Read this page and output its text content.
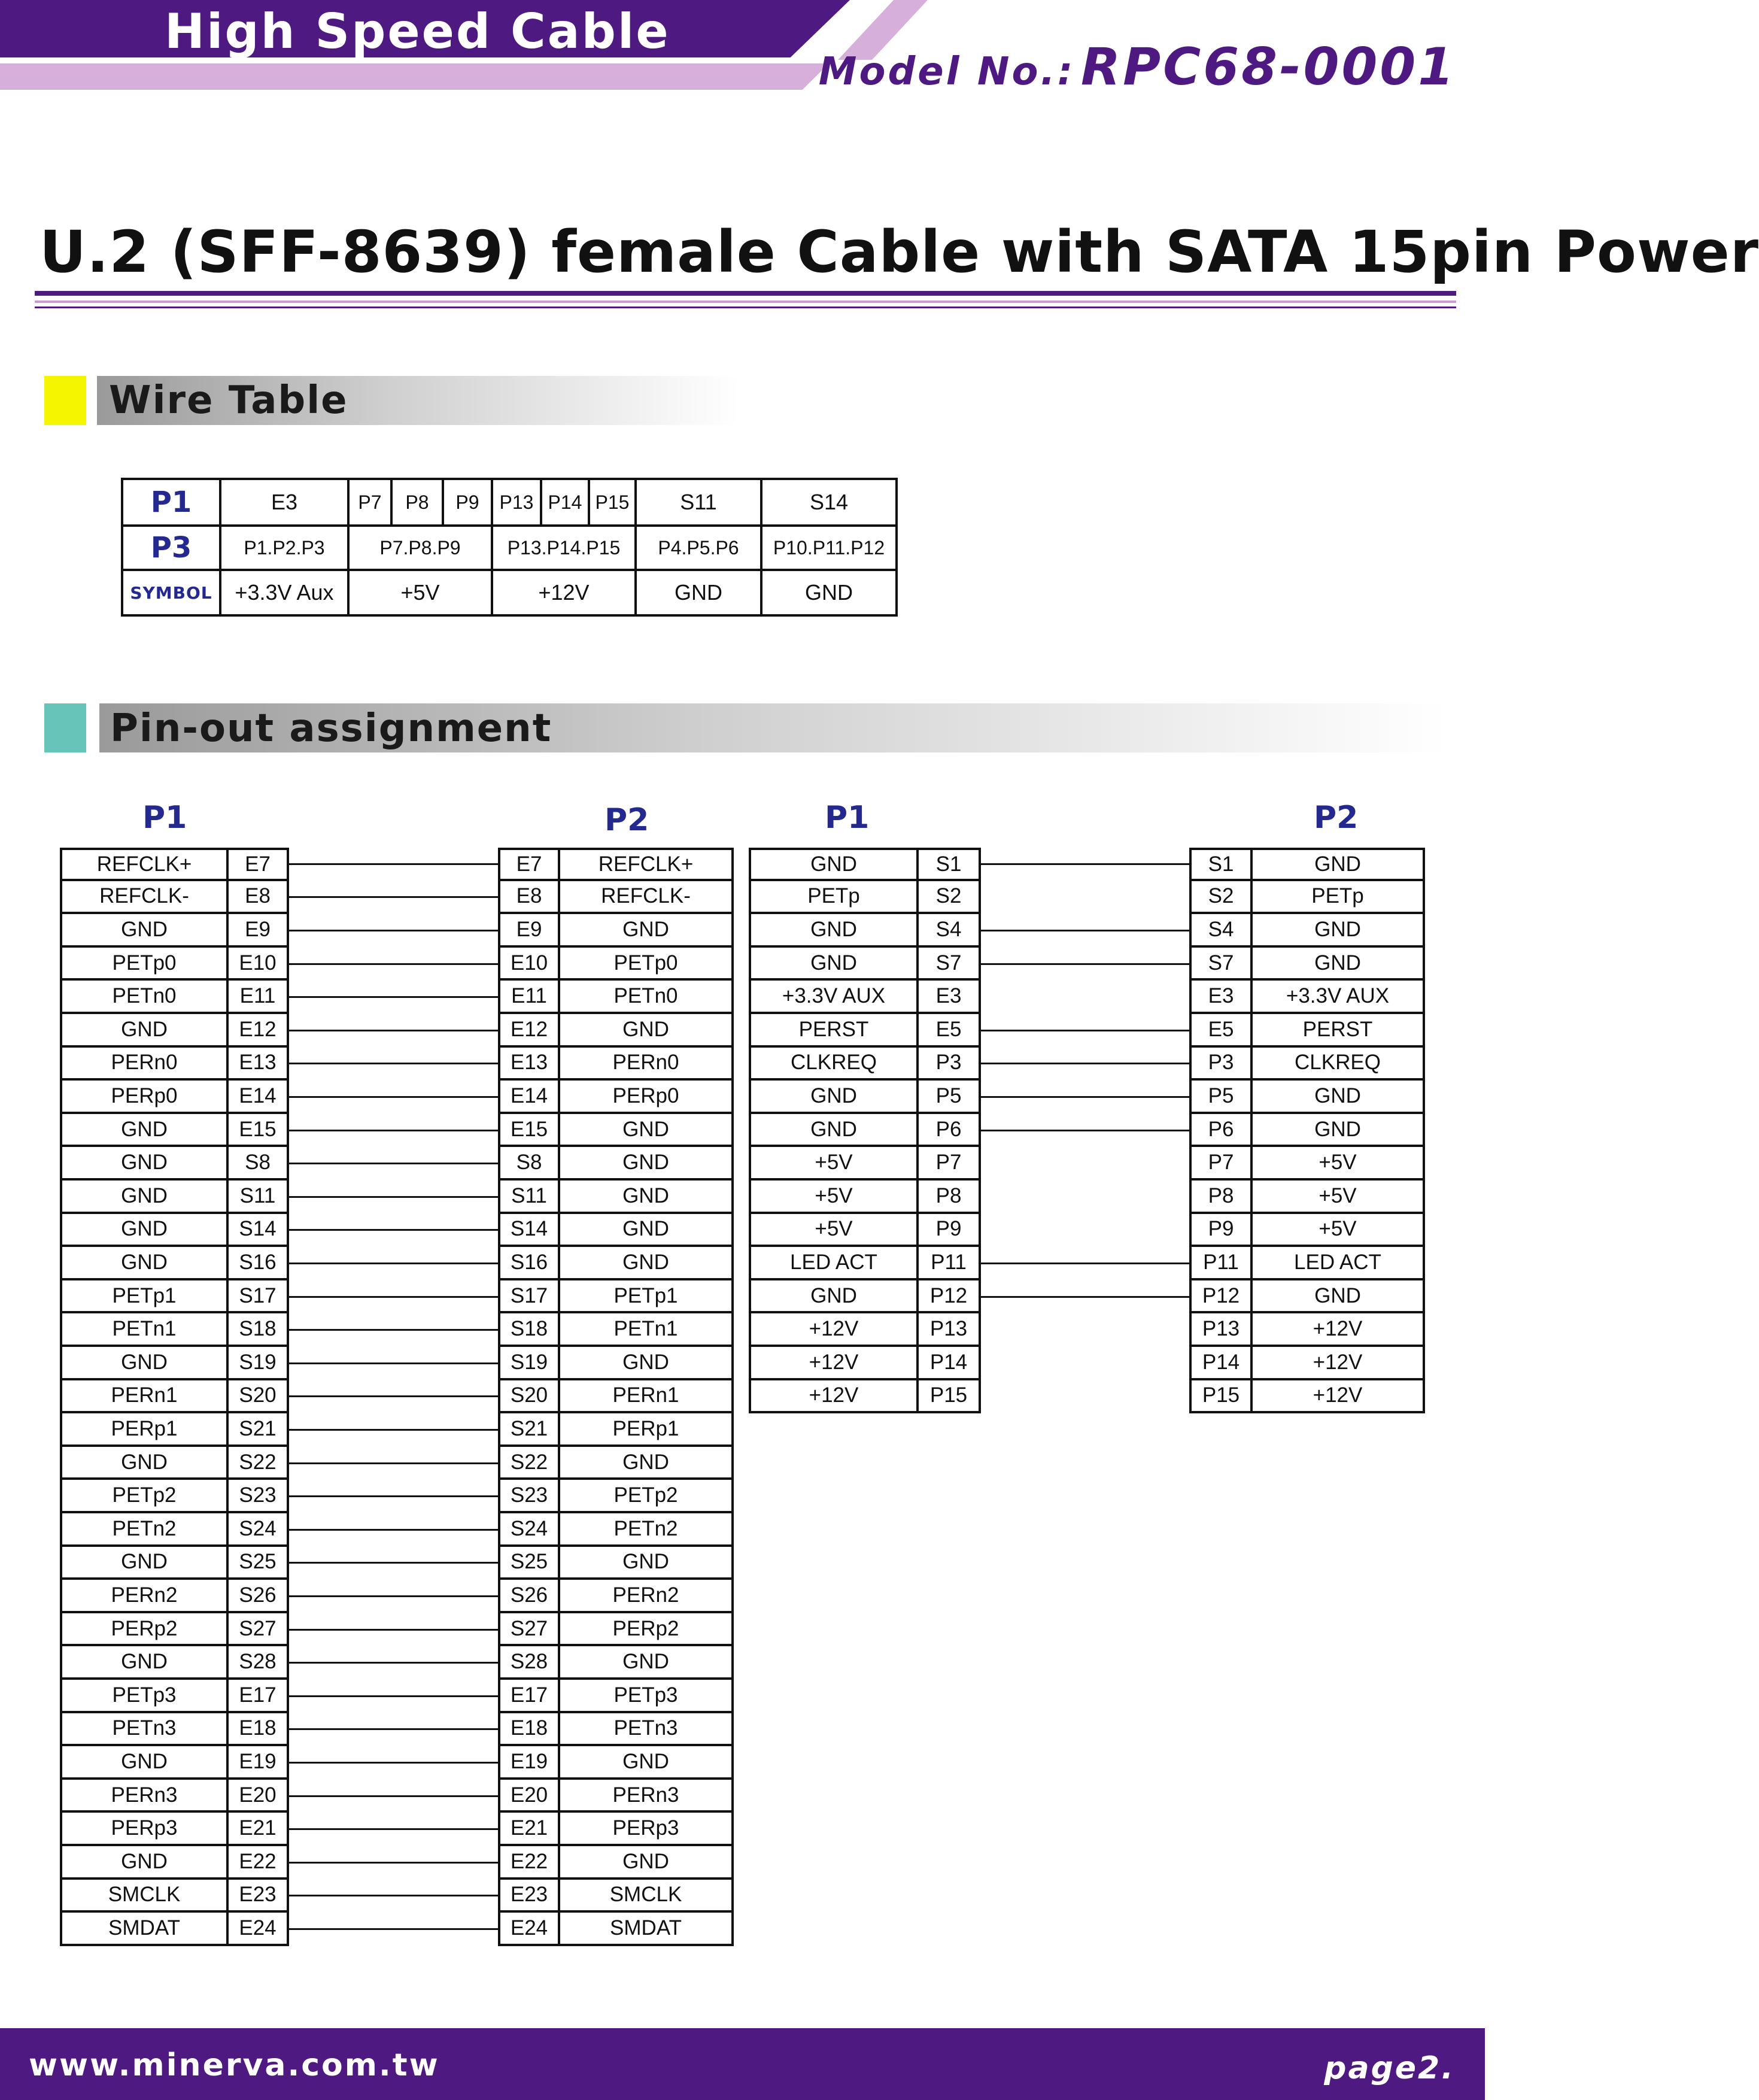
High Speed Cable
Model No.: RPC68-0001
U.2 (SFF-8639) female Cable with SATA 15pin Power
Wire Table
P1	E3	P7	P8	P9	P13	P14	P15	S11	S14
P3	P1.P2.P3	P7.P8.P9			P13.P14.P15			P4.P5.P6	P10.P11.P12
SYMBOL	+3.3V Aux	+5V			+12V			GND	GND
Pin-out assignment
P1	P2	P1	P2
REFCLK+	E7
REFCLK-	E8
GND	E9
PETp0	E10
PETn0	E11
GND	E12
PERn0	E13
PERp0	E14
GND	E15
GND	S8
GND	S11
GND	S14
GND	S16
PETp1	S17
PETn1	S18
GND	S19
PERn1	S20
PERp1	S21
GND	S22
PETp2	S23
PETn2	S24
GND	S25
PERn2	S26
PERp2	S27
GND	S28
PETp3	E17
PETn3	E18
GND	E19
PERn3	E20
PERp3	E21
GND	E22
SMCLK	E23
SMDAT	E24
E7	REFCLK+
E8	REFCLK-
E9	GND
E10	PETp0
E11	PETn0
E12	GND
E13	PERn0
E14	PERp0
E15	GND
S8	GND
S11	GND
S14	GND
S16	GND
S17	PETp1
S18	PETn1
S19	GND
S20	PERn1
S21	PERp1
S22	GND
S23	PETp2
S24	PETn2
S25	GND
S26	PERn2
S27	PERp2
S28	GND
E17	PETp3
E18	PETn3
E19	GND
E20	PERn3
E21	PERp3
E22	GND
E23	SMCLK
E24	SMDAT
GND	S1
PETp	S2
GND	S4
GND	S7
+3.3V AUX	E3
PERST	E5
CLKREQ	P3
GND	P5
GND	P6
+5V	P7
+5V	P8
+5V	P9
LED ACT	P11
GND	P12
+12V	P13
+12V	P14
+12V	P15
S1	GND
S2	PETp
S4	GND
S7	GND
E3	+3.3V AUX
E5	PERST
P3	CLKREQ
P5	GND
P6	GND
P7	+5V
P8	+5V
P9	+5V
P11	LED ACT
P12	GND
P13	+12V
P14	+12V
P15	+12V
www.minerva.com.tw	page2.
